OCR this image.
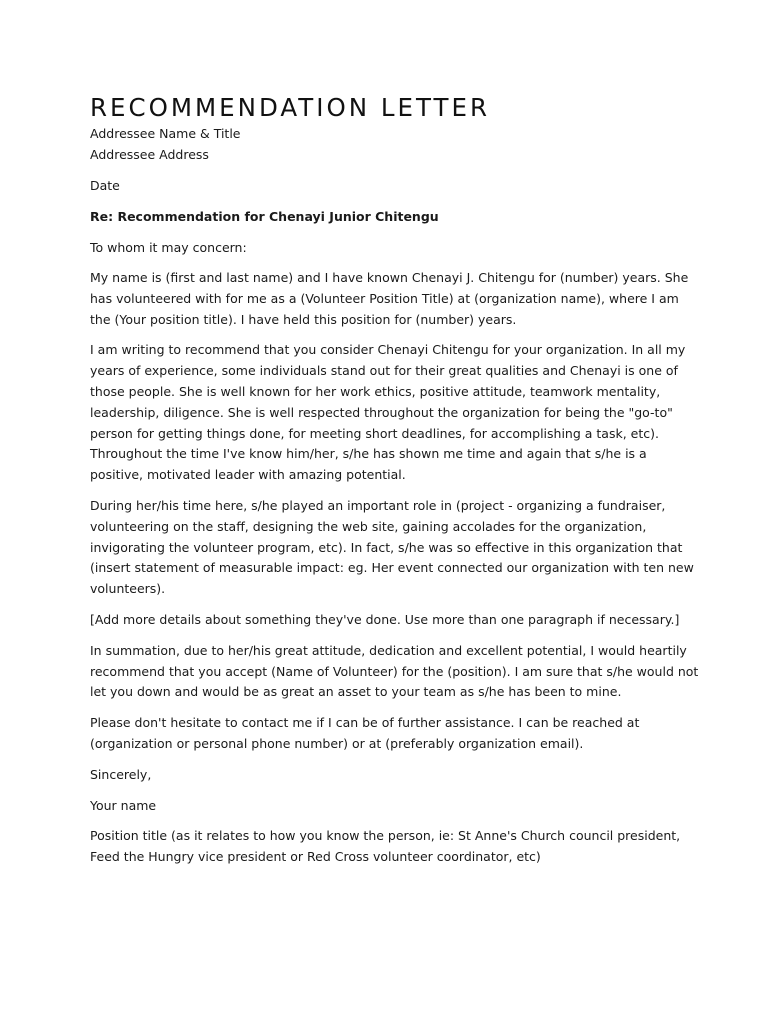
RECOMMENDATION LETTER

Addressee Name & Title

Addressee Address

Date

Re: Recommendation for Chenayi Junior Chitengu

To whom it may concern:

My name is (first and last name) and I have known Chenayi J. Chitengu for (number) years. She has volunteered with for me as a (Volunteer Position Title) at (organization name), where I am the (Your position title). I have held this position for (number) years.

I am writing to recommend that you consider Chenayi Chitengu for your organization. In all my years of experience, some individuals stand out for their great qualities and Chenayi is one of those people. She is well known for her work ethics, positive attitude, teamwork mentality, leadership, diligence. She is well respected throughout the organization for being the "go-to" person for getting things done, for meeting short deadlines, for accomplishing a task, etc). Throughout the time I've know him/her, s/he has shown me time and again that s/he is a positive, motivated leader with amazing potential.

During her/his time here, s/he played an important role in (project - organizing a fundraiser, volunteering on the staff, designing the web site, gaining accolades for the organization, invigorating the volunteer program, etc). In fact, s/he was so effective in this organization that (insert statement of measurable impact: eg. Her event connected our organization with ten new volunteers).

[Add more details about something they've done. Use more than one paragraph if necessary.]

In summation, due to her/his great attitude, dedication and excellent potential, I would heartily recommend that you accept (Name of Volunteer) for the (position). I am sure that s/he would not let you down and would be as great an asset to your team as s/he has been to mine.

Please don't hesitate to contact me if I can be of further assistance. I can be reached at (organization or personal phone number) or at (preferably organization email).

Sincerely,

Your name

Position title (as it relates to how you know the person, ie: St Anne's Church council president, Feed the Hungry vice president or Red Cross volunteer coordinator, etc)
